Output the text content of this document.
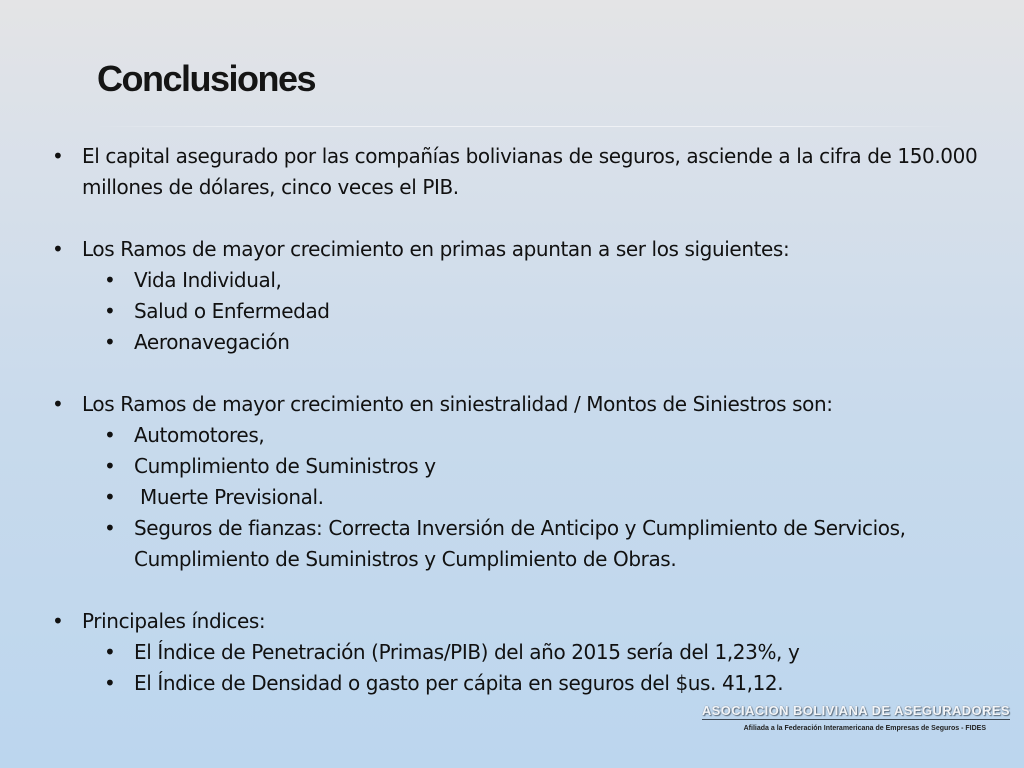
Conclusiones
• El capital asegurado por las compañías bolivianas de seguros, asciende a la cifra de 150.000 millones de dólares, cinco veces el PIB.
• Los Ramos de mayor crecimiento en primas apuntan a ser los siguientes:
• Vida Individual,
• Salud o Enfermedad
• Aeronavegación
• Los Ramos de mayor crecimiento en siniestralidad / Montos de Siniestros son:
• Automotores,
• Cumplimiento de Suministros y
•  Muerte Previsional.
• Seguros de fianzas: Correcta Inversión de Anticipo y Cumplimiento de Servicios, Cumplimiento de Suministros y Cumplimiento de Obras.
• Principales índices:
• El Índice de Penetración (Primas/PIB) del año 2015 sería del 1,23%, y
• El Índice de Densidad o gasto per cápita en seguros del $us. 41,12.
ASOCIACION BOLIVIANA DE ASEGURADORES
Afiliada a la Federación Interamericana de Empresas de Seguros - FIDES
